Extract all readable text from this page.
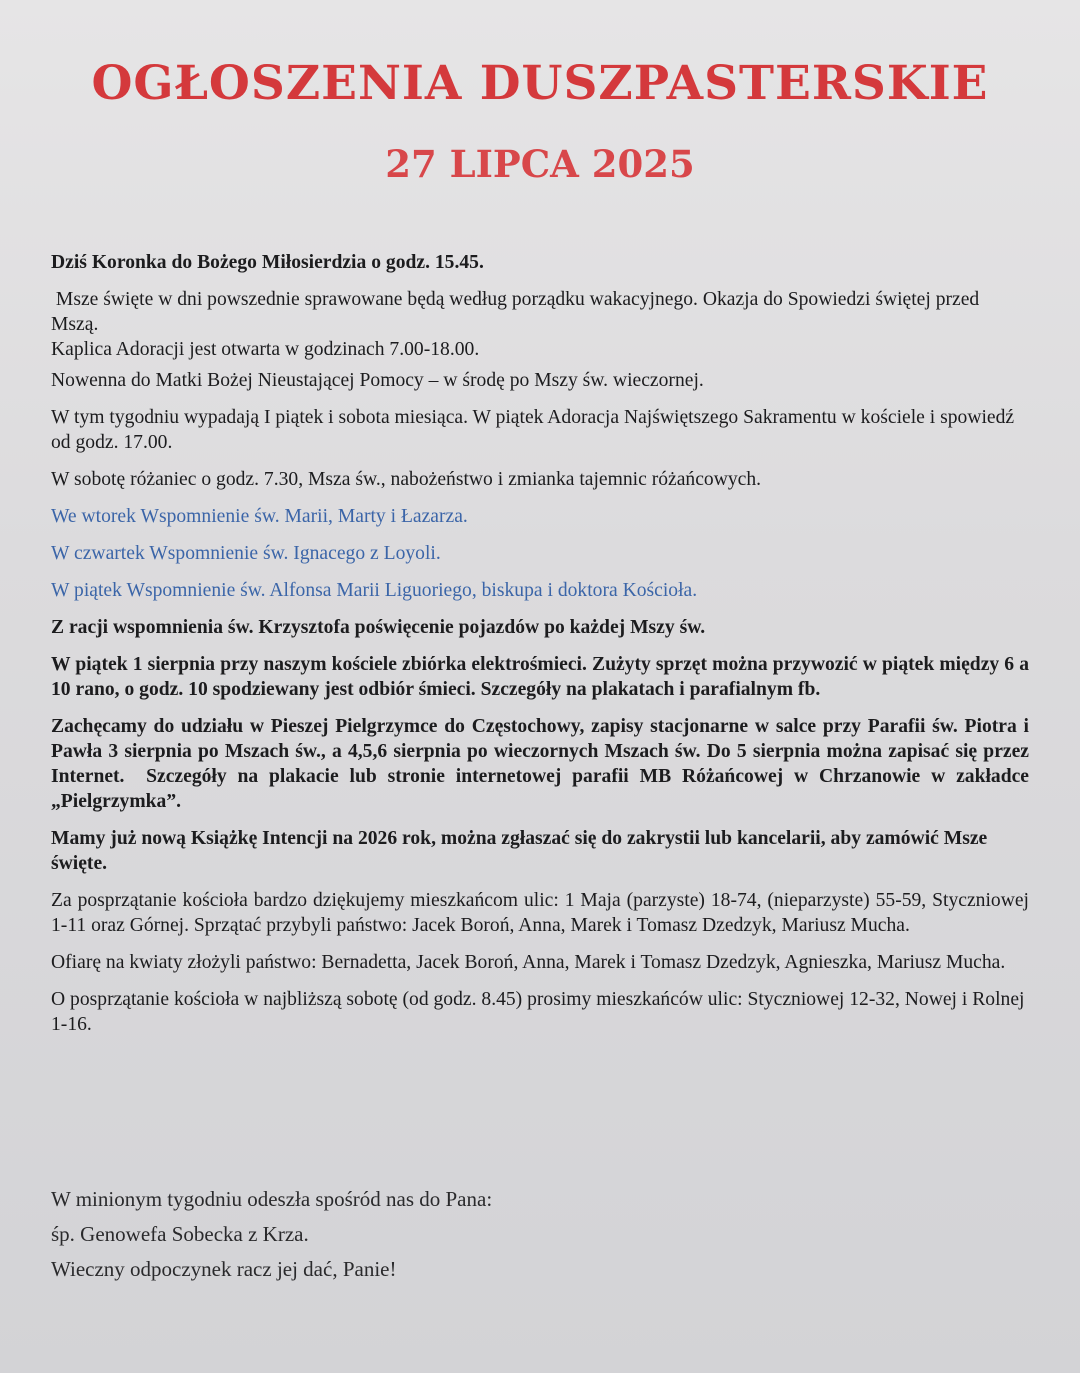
OGŁOSZENIA DUSZPASTERSKIE
27 LIPCA 2025

Dziś Koronka do Bożego Miłosierdzia o godz. 15.45.

Msze święte w dni powszednie sprawowane będą według porządku wakacyjnego. Okazja do Spowiedzi świętej przed Mszą.
Kaplica Adoracji jest otwarta w godzinach 7.00-18.00.

Nowenna do Matki Bożej Nieustającej Pomocy – w środę po Mszy św. wieczornej.

W tym tygodniu wypadają I piątek i sobota miesiąca. W piątek Adoracja Najświętszego Sakramentu w kościele i spowiedź od godz. 17.00.

W sobotę różaniec o godz. 7.30, Msza św., nabożeństwo i zmianka tajemnic różańcowych.

We wtorek Wspomnienie św. Marii, Marty i Łazarza.

W czwartek Wspomnienie św. Ignacego z Loyoli.

W piątek Wspomnienie św. Alfonsa Marii Liguoriego, biskupa i doktora Kościoła.

Z racji wspomnienia św. Krzysztofa poświęcenie pojazdów po każdej Mszy św.

W piątek 1 sierpnia przy naszym kościele zbiórka elektrośmieci. Zużyty sprzęt można przywozić w piątek między 6 a 10 rano, o godz. 10 spodziewany jest odbiór śmieci. Szczegóły na plakatach i parafialnym fb.

Zachęcamy do udziału w Pieszej Pielgrzymce do Częstochowy, zapisy stacjonarne w salce przy Parafii św. Piotra i Pawła 3 sierpnia po Mszach św., a 4,5,6 sierpnia po wieczornych Mszach św. Do 5 sierpnia można zapisać się przez Internet.  Szczegóły na plakacie lub stronie internetowej parafii MB Różańcowej w Chrzanowie w zakładce „Pielgrzymka”.

Mamy już nową Książkę Intencji na 2026 rok, można zgłaszać się do zakrystii lub kancelarii, aby zamówić Msze święte.

Za posprzątanie kościoła bardzo dziękujemy mieszkańcom ulic: 1 Maja (parzyste) 18-74, (nieparzyste) 55-59, Styczniowej 1-11 oraz Górnej. Sprzątać przybyli państwo: Jacek Boroń, Anna, Marek i Tomasz Dzedzyk, Mariusz Mucha.

Ofiarę na kwiaty złożyli państwo: Bernadetta, Jacek Boroń, Anna, Marek i Tomasz Dzedzyk, Agnieszka, Mariusz Mucha.

O posprzątanie kościoła w najbliższą sobotę (od godz. 8.45) prosimy mieszkańców ulic: Styczniowej 12-32, Nowej i Rolnej 1-16.

W minionym tygodniu odeszła spośród nas do Pana:
śp. Genowefa Sobecka z Krza.
Wieczny odpoczynek racz jej dać, Panie!
